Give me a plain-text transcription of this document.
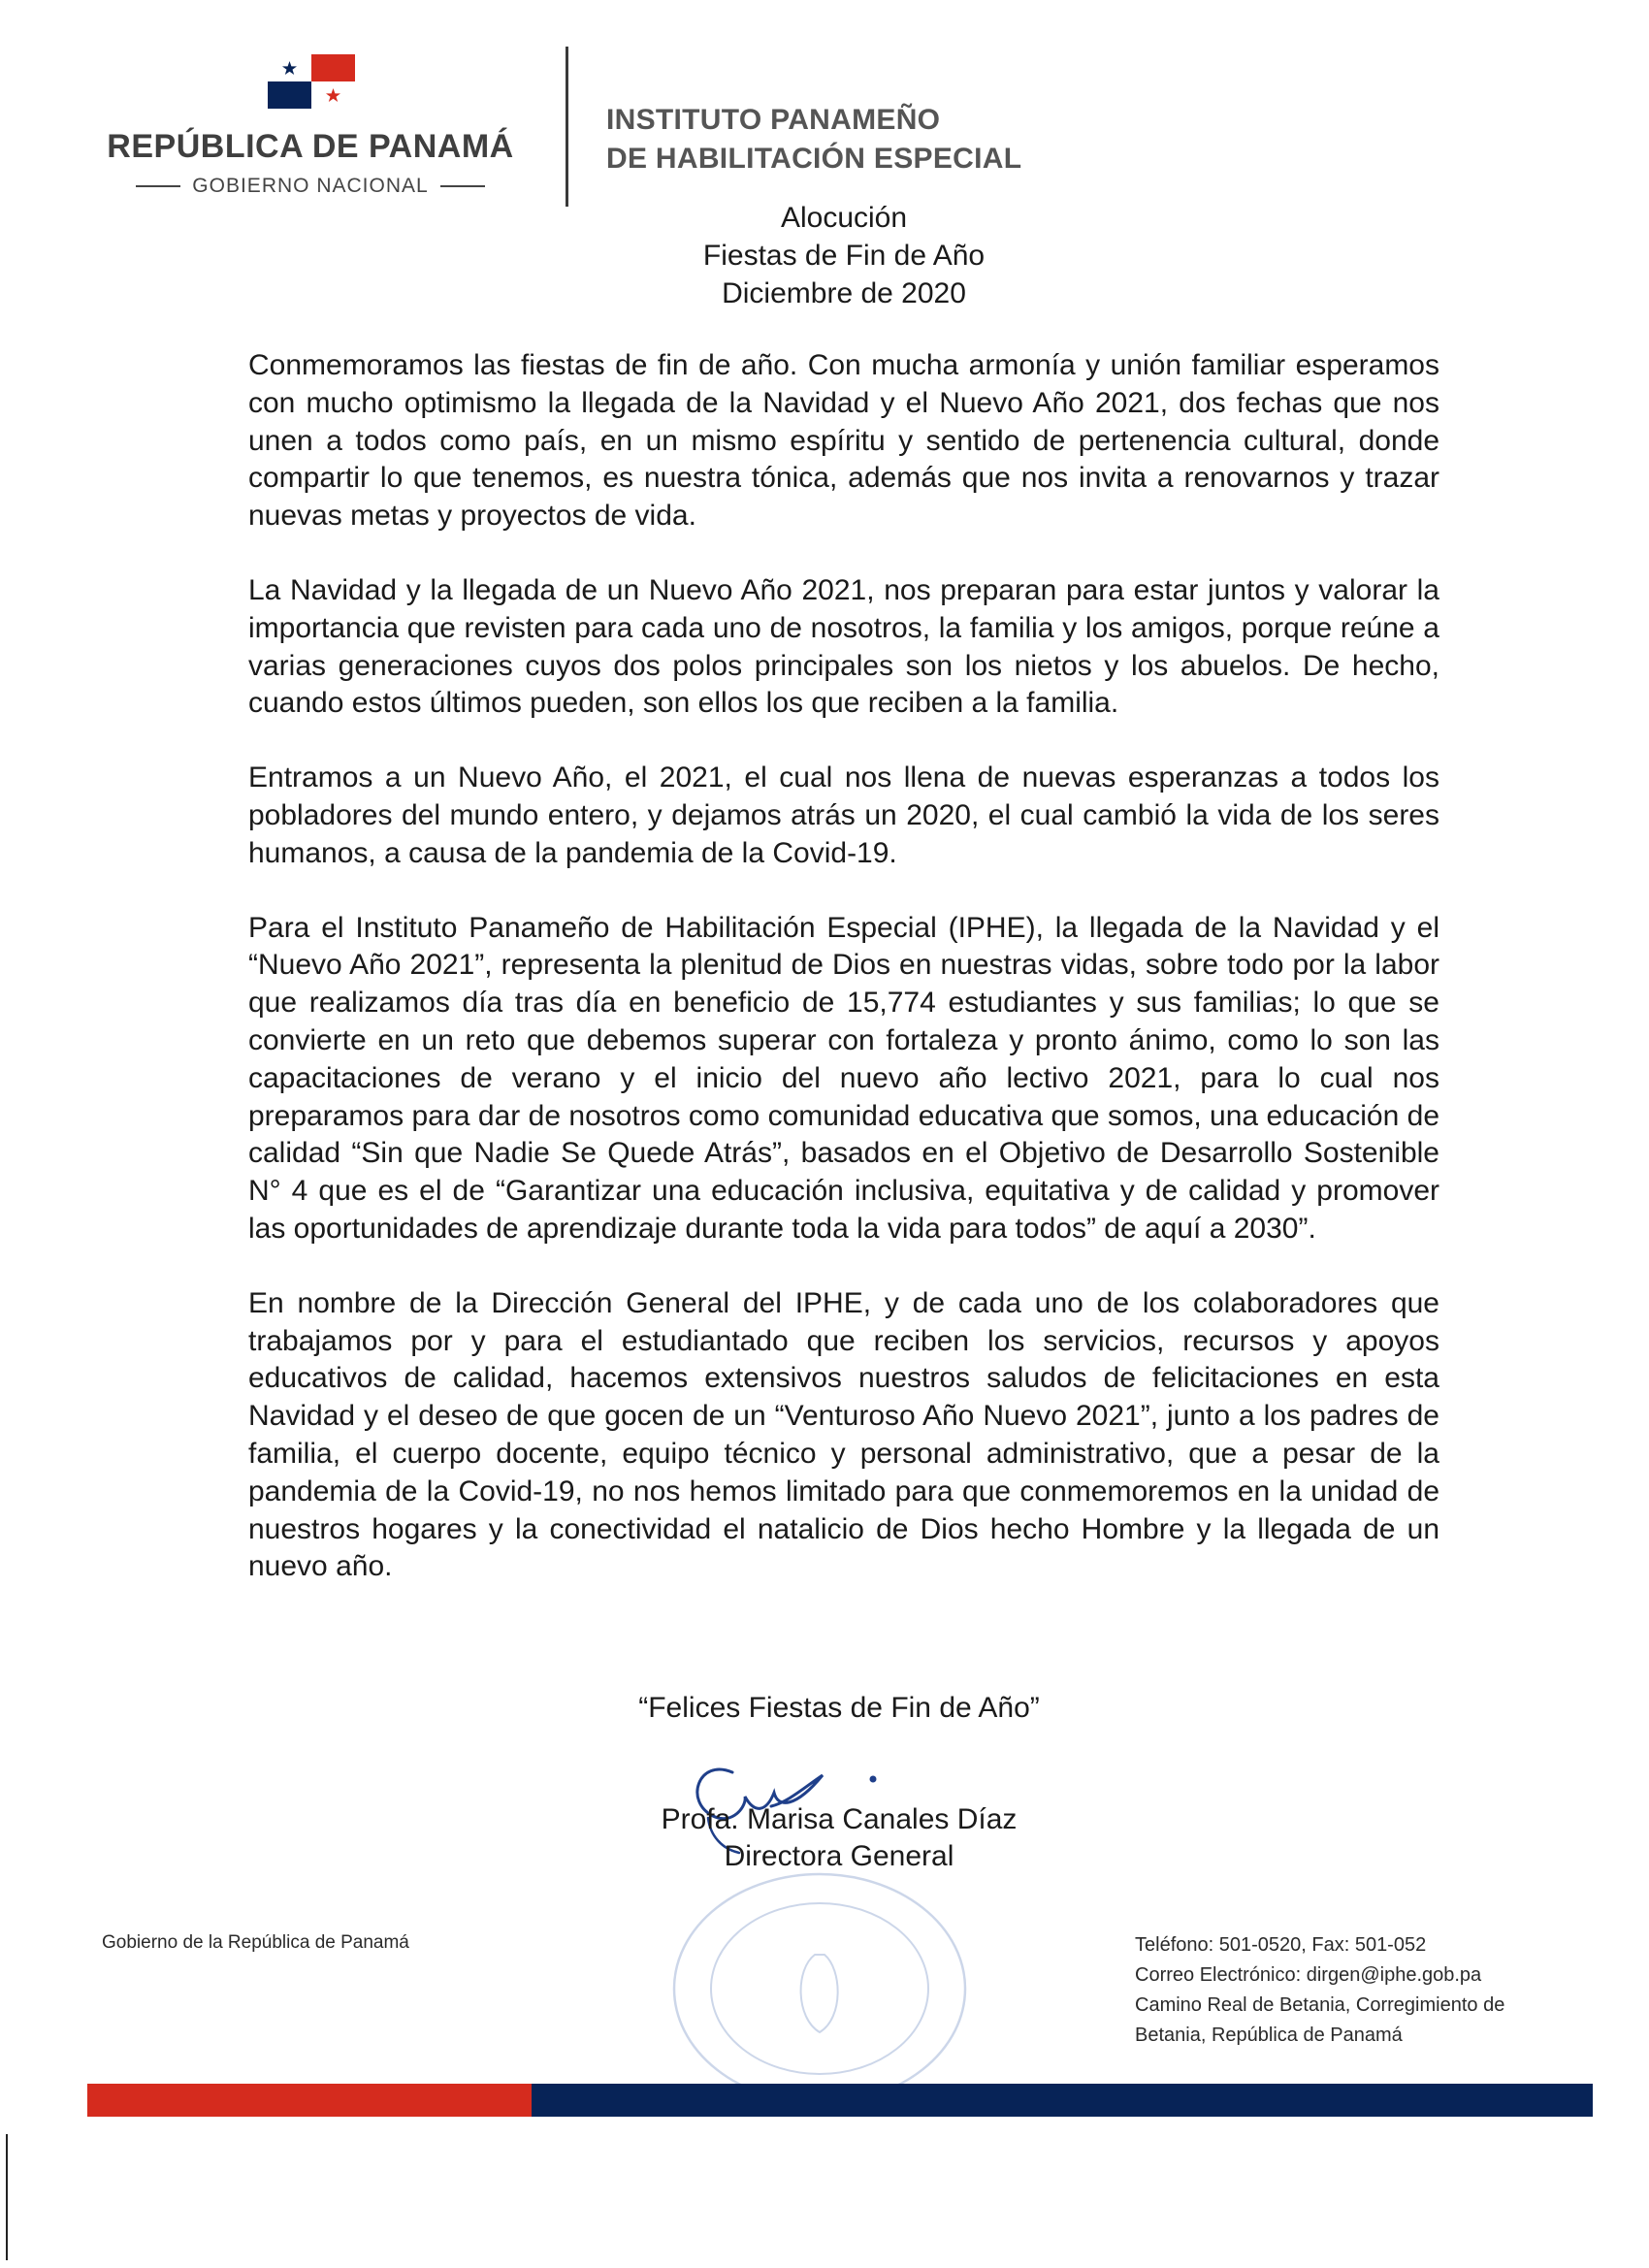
REPÚBLICA DE PANAMÁ
GOBIERNO NACIONAL
INSTITUTO PANAMEÑO
DE HABILITACIÓN ESPECIAL
Alocución
Fiestas de Fin de Año
Diciembre de 2020

Conmemoramos las fiestas de fin de año. Con mucha armonía y unión familiar esperamos con mucho optimismo la llegada de la Navidad y el Nuevo Año 2021, dos fechas que nos unen a todos como país, en un mismo espíritu y sentido de pertenencia cultural, donde compartir lo que tenemos, es nuestra tónica, además que nos invita a renovarnos y trazar nuevas metas y proyectos de vida.

La Navidad y la llegada de un Nuevo Año 2021, nos preparan para estar juntos y valorar la importancia que revisten para cada uno de nosotros, la familia y los amigos, porque reúne a varias generaciones cuyos dos polos principales son los nietos y los abuelos. De hecho, cuando estos últimos pueden, son ellos los que reciben a la familia.

Entramos a un Nuevo Año, el 2021, el cual nos llena de nuevas esperanzas a todos los pobladores del mundo entero, y dejamos atrás un 2020, el cual cambió la vida de los seres humanos, a causa de la pandemia de la Covid-19.

Para el Instituto Panameño de Habilitación Especial (IPHE), la llegada de la Navidad y el “Nuevo Año 2021”, representa la plenitud de Dios en nuestras vidas, sobre todo por la labor que realizamos día tras día en beneficio de 15,774 estudiantes y sus familias; lo que se convierte en un reto que debemos superar con fortaleza y pronto ánimo, como lo son las capacitaciones de verano y el inicio del nuevo año lectivo 2021, para lo cual nos preparamos para dar de nosotros como comunidad educativa que somos, una educación de calidad “Sin que Nadie Se Quede Atrás”, basados en el Objetivo de Desarrollo Sostenible N° 4 que es el de “Garantizar una educación inclusiva, equitativa y de calidad y promover las oportunidades de aprendizaje durante toda la vida para todos” de aquí a 2030”.

En nombre de la Dirección General del IPHE, y de cada uno de los colaboradores que trabajamos por y para el estudiantado que reciben los servicios, recursos y apoyos educativos de calidad, hacemos extensivos nuestros saludos de felicitaciones en esta Navidad y el deseo de que gocen de un “Venturoso Año Nuevo 2021”, junto a los padres de familia, el cuerpo docente, equipo técnico y personal administrativo, que a pesar de la pandemia de la Covid-19, no nos hemos limitado para que conmemoremos en la unidad de nuestros hogares y la conectividad el natalicio de Dios hecho Hombre y la llegada de un nuevo año.

“Felices Fiestas de Fin de Año”
Profa. Marisa Canales Díaz
Directora General
Gobierno de la República de Panamá	Teléfono: 501-0520, Fax: 501-052
Correo Electrónico: dirgen@iphe.gob.pa
Camino Real de Betania, Corregimiento de
Betania, República de Panamá
